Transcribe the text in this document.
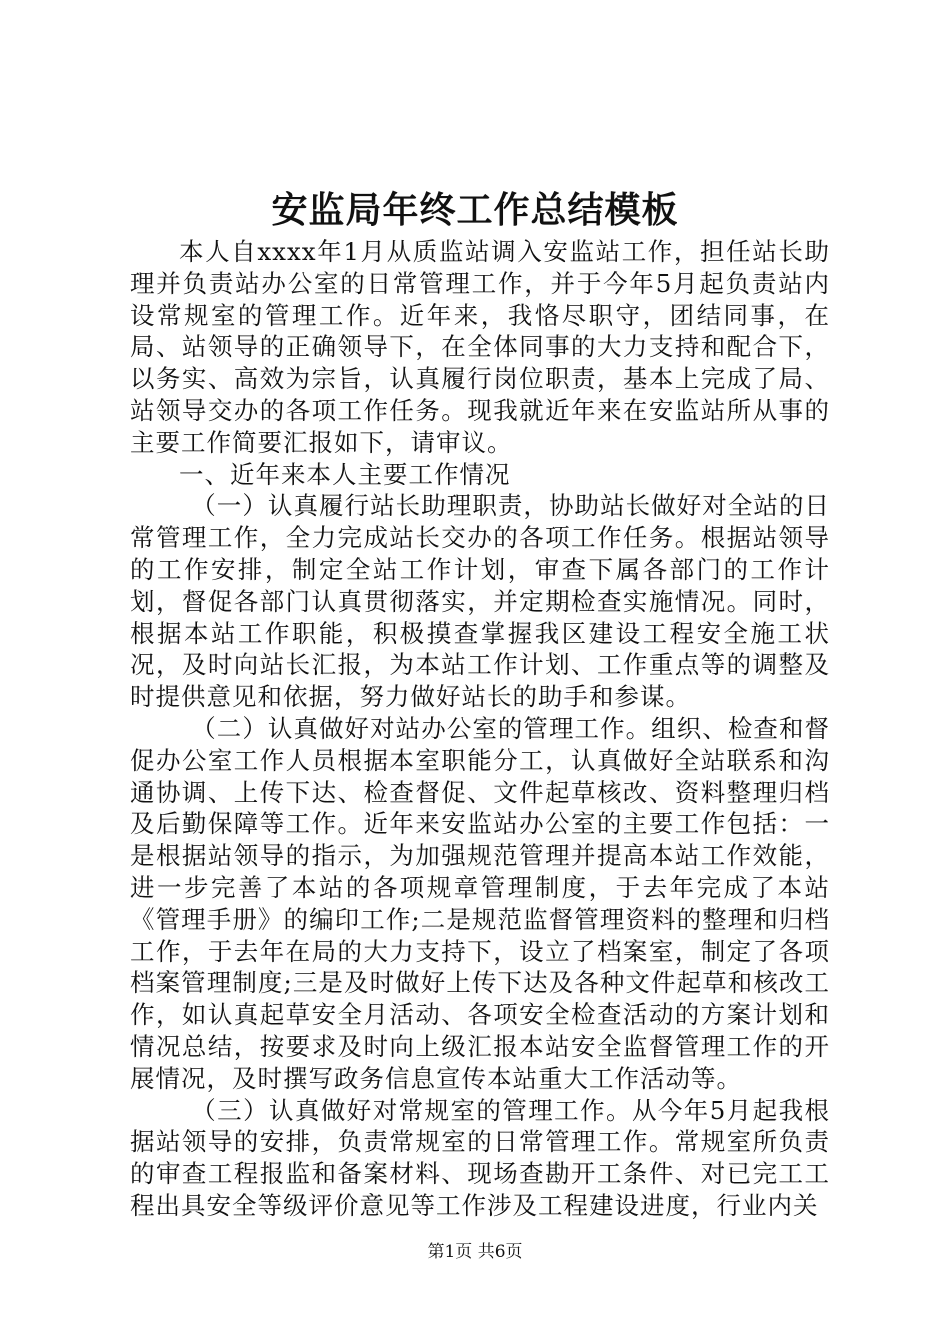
安监局年终工作总结模板

本人自xxxx年1月从质监站调入安监站工作，担任站长助理并负责站办公室的日常管理工作，并于今年5月起负责站内设常规室的管理工作。近年来，我恪尽职守，团结同事，在局、站领导的正确领导下，在全体同事的大力支持和配合下，以务实、高效为宗旨，认真履行岗位职责，基本上完成了局、站领导交办的各项工作任务。现我就近年来在安监站所从事的主要工作简要汇报如下，请审议。

一、近年来本人主要工作情况

（一）认真履行站长助理职责，协助站长做好对全站的日常管理工作，全力完成站长交办的各项工作任务。根据站领导的工作安排，制定全站工作计划，审查下属各部门的工作计划，督促各部门认真贯彻落实，并定期检查实施情况。同时，根据本站工作职能，积极摸查掌握我区建设工程安全施工状况，及时向站长汇报，为本站工作计划、工作重点等的调整及时提供意见和依据，努力做好站长的助手和参谋。

（二）认真做好对站办公室的管理工作。组织、检查和督促办公室工作人员根据本室职能分工，认真做好全站联系和沟通协调、上传下达、检查督促、文件起草核改、资料整理归档及后勤保障等工作。近年来安监站办公室的主要工作包括：一是根据站领导的指示，为加强规范管理并提高本站工作效能，进一步完善了本站的各项规章管理制度，于去年完成了本站《管理手册》的编印工作;二是规范监督管理资料的整理和归档工作，于去年在局的大力支持下，设立了档案室，制定了各项档案管理制度;三是及时做好上传下达及各种文件起草和核改工作，如认真起草安全月活动、各项安全检查活动的方案计划和情况总结，按要求及时向上级汇报本站安全监督管理工作的开展情况，及时撰写政务信息宣传本站重大工作活动等。

（三）认真做好对常规室的管理工作。从今年5月起我根据站领导的安排，负责常规室的日常管理工作。常规室所负责的审查工程报监和备案材料、现场查勘开工条件、对已完工工程出具安全等级评价意见等工作涉及工程建设进度，行业内关

第1页 共6页
